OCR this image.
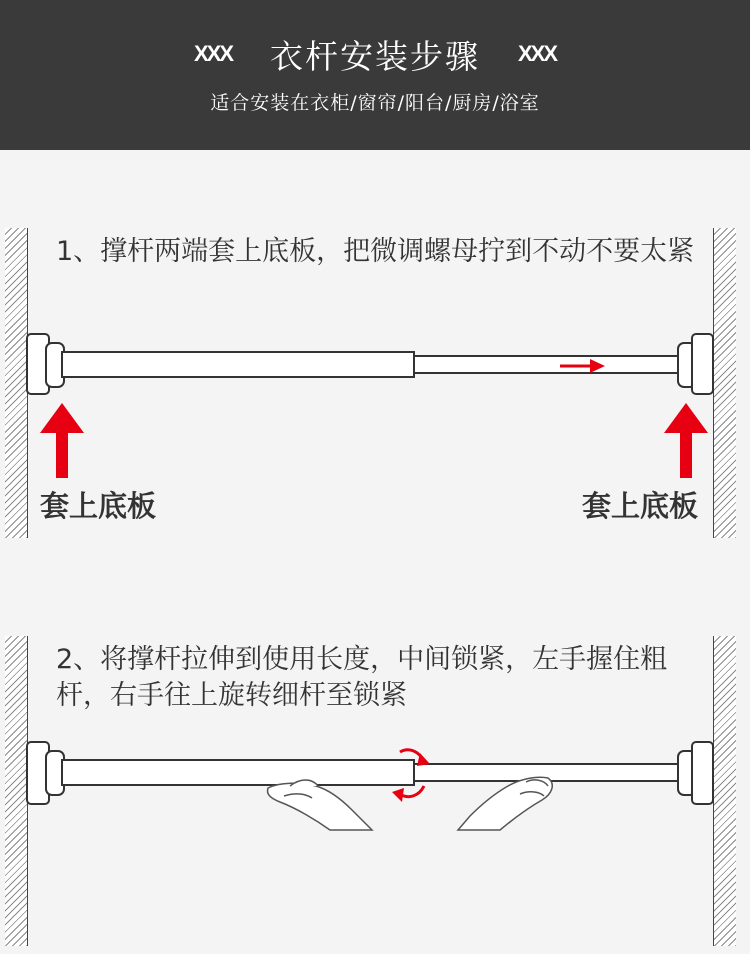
XXX 衣杆安装步骤 XXX
适合安装在衣柜/窗帘/阳台/厨房/浴室
1、撑杆两端套上底板，把微调螺母拧到不动不要太紧
套上底板	套上底板
2、将撑杆拉伸到使用长度，中间锁紧，左手握住粗杆，右手往上旋转细杆至锁紧
